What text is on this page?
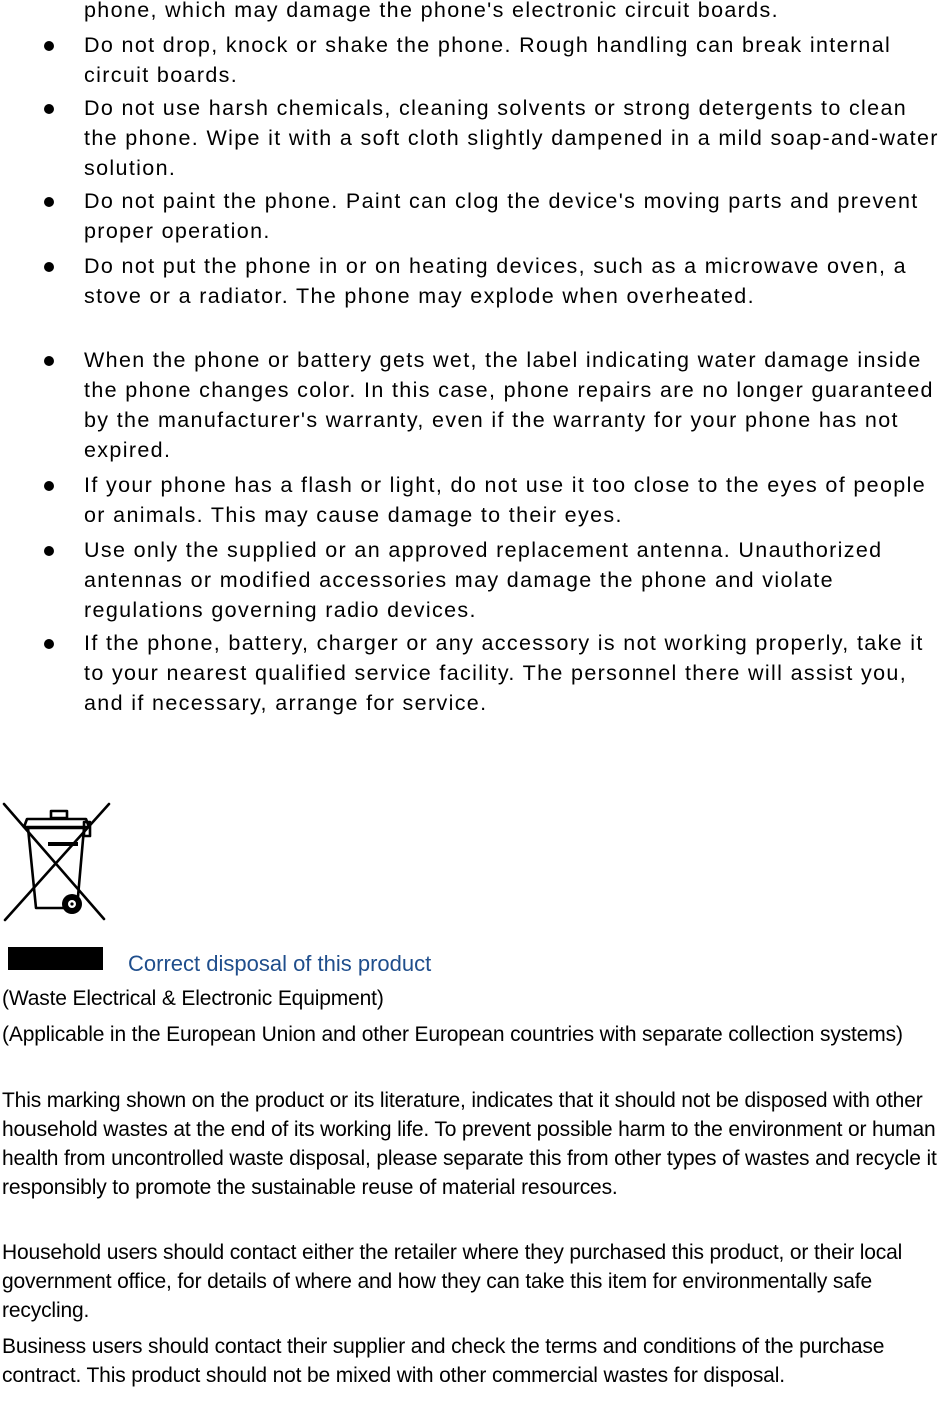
phone, which may damage the phone's electronic circuit boards.

Do not drop, knock or shake the phone. Rough handling can break internal circuit boards.

Do not use harsh chemicals, cleaning solvents or strong detergents to clean the phone. Wipe it with a soft cloth slightly dampened in a mild soap-and-water solution.

Do not paint the phone. Paint can clog the device's moving parts and prevent proper operation.

Do not put the phone in or on heating devices, such as a microwave oven, a stove or a radiator. The phone may explode when overheated.

When the phone or battery gets wet, the label indicating water damage inside the phone changes color. In this case, phone repairs are no longer guaranteed by the manufacturer's warranty, even if the warranty for your phone has not expired.

If your phone has a flash or light, do not use it too close to the eyes of people or animals. This may cause damage to their eyes.

Use only the supplied or an approved replacement antenna. Unauthorized antennas or modified accessories may damage the phone and violate regulations governing radio devices.

If the phone, battery, charger or any accessory is not working properly, take it to your nearest qualified service facility. The personnel there will assist you, and if necessary, arrange for service.

Correct disposal of this product

(Waste Electrical & Electronic Equipment)

(Applicable in the European Union and other European countries with separate collection systems)

This marking shown on the product or its literature, indicates that it should not be disposed with other household wastes at the end of its working life. To prevent possible harm to the environment or human health from uncontrolled waste disposal, please separate this from other types of wastes and recycle it responsibly to promote the sustainable reuse of material resources.

Household users should contact either the retailer where they purchased this product, or their local government office, for details of where and how they can take this item for environmentally safe recycling.

Business users should contact their supplier and check the terms and conditions of the purchase contract. This product should not be mixed with other commercial wastes for disposal.
